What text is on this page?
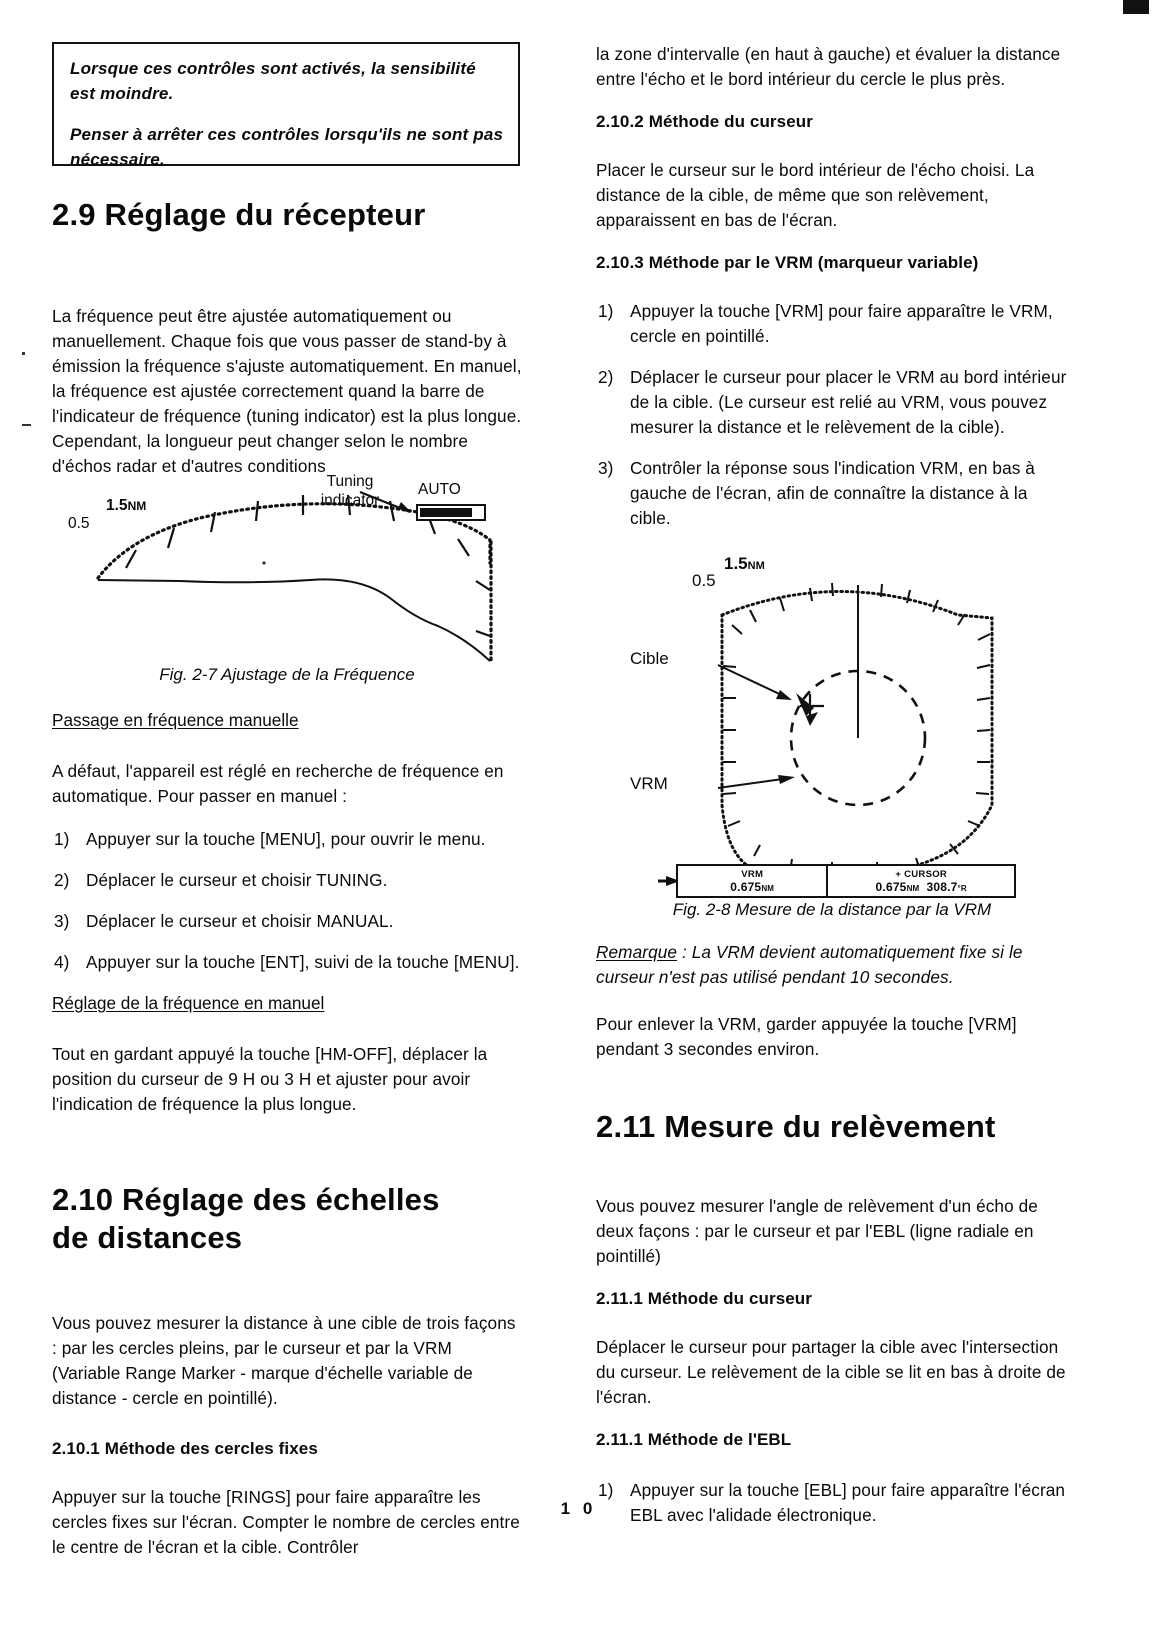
Lorsque ces contrôles sont activés, la sensibilité est moindre.

Penser à arrêter ces contrôles lorsqu'ils ne sont pas nécessaire.

2.9 Réglage du récepteur

La fréquence peut être ajustée automatiquement ou manuellement. Chaque fois que vous passer de stand-by à émission la fréquence s'ajuste automatiquement. En manuel, la fréquence est ajustée correctement quand la barre de l'indicateur de fréquence (tuning indicator) est la plus longue. Cependant, la longueur peut changer selon le nombre d'échos radar et d'autres conditions

0.5
1.5NM
Tuning indicator
AUTO
Fig. 2-7 Ajustage de la Fréquence
Passage en fréquence manuelle

A défaut, l'appareil est réglé en recherche de fréquence en automatique. Pour passer en manuel :

1) Appuyer sur la touche [MENU], pour ouvrir le menu.
2) Déplacer le curseur et choisir TUNING.
3) Déplacer le curseur et choisir MANUAL.
4) Appuyer sur la touche [ENT], suivi de la touche [MENU].
Réglage de la fréquence en manuel

Tout en gardant appuyé la touche [HM-OFF], déplacer la position du curseur de 9 H ou 3 H et ajuster pour avoir l'indication de fréquence la plus longue.

2.10 Réglage des échelles
de distances

Vous pouvez mesurer la distance à une cible de trois façons : par les cercles pleins, par le curseur et par la VRM (Variable Range Marker - marque d'échelle variable de distance - cercle en pointillé).

2.10.1 Méthode des cercles fixes

Appuyer sur la touche [RINGS] pour faire apparaître les cercles fixes sur l'écran. Compter le nombre de cercles entre le centre de l'écran et la cible. Contrôler

la zone d'intervalle (en haut à gauche) et évaluer la distance entre l'écho et le bord intérieur du cercle le plus près.

2.10.2 Méthode du curseur

Placer le curseur sur le bord intérieur de l'écho choisi. La distance de la cible, de même que son relèvement, apparaissent en bas de l'écran.

2.10.3 Méthode par le VRM (marqueur variable)
1) Appuyer la touche [VRM] pour faire apparaître le VRM, cercle en pointillé.
2) Déplacer le curseur pour placer le VRM au bord intérieur de la cible. (Le curseur est relié au VRM, vous pouvez mesurer la distance et le relèvement de la cible).
3) Contrôler la réponse sous l'indication VRM, en bas à gauche de l'écran, afin de connaître la distance à la cible.
0.5
1.5NM
Cible
VRM
VRM
0.675NM
+ CURSOR
0.675NM 308.7°R
Fig. 2-8 Mesure de la distance par la VRM

Remarque : La VRM devient automatiquement fixe si le curseur n'est pas utilisé pendant 10 secondes.

Pour enlever la VRM, garder appuyée la touche [VRM] pendant 3 secondes environ.

2.11 Mesure du relèvement

Vous pouvez mesurer l'angle de relèvement d'un écho de deux façons : par le curseur et par l'EBL (ligne radiale en pointillé)

2.11.1 Méthode du curseur

Déplacer le curseur pour partager la cible avec l'intersection du curseur. Le relèvement de la cible se lit en bas à droite de l'écran.

2.11.1 Méthode de l'EBL
1) Appuyer sur la touche [EBL] pour faire apparaître l'écran EBL avec l'alidade électronique.
1 0
